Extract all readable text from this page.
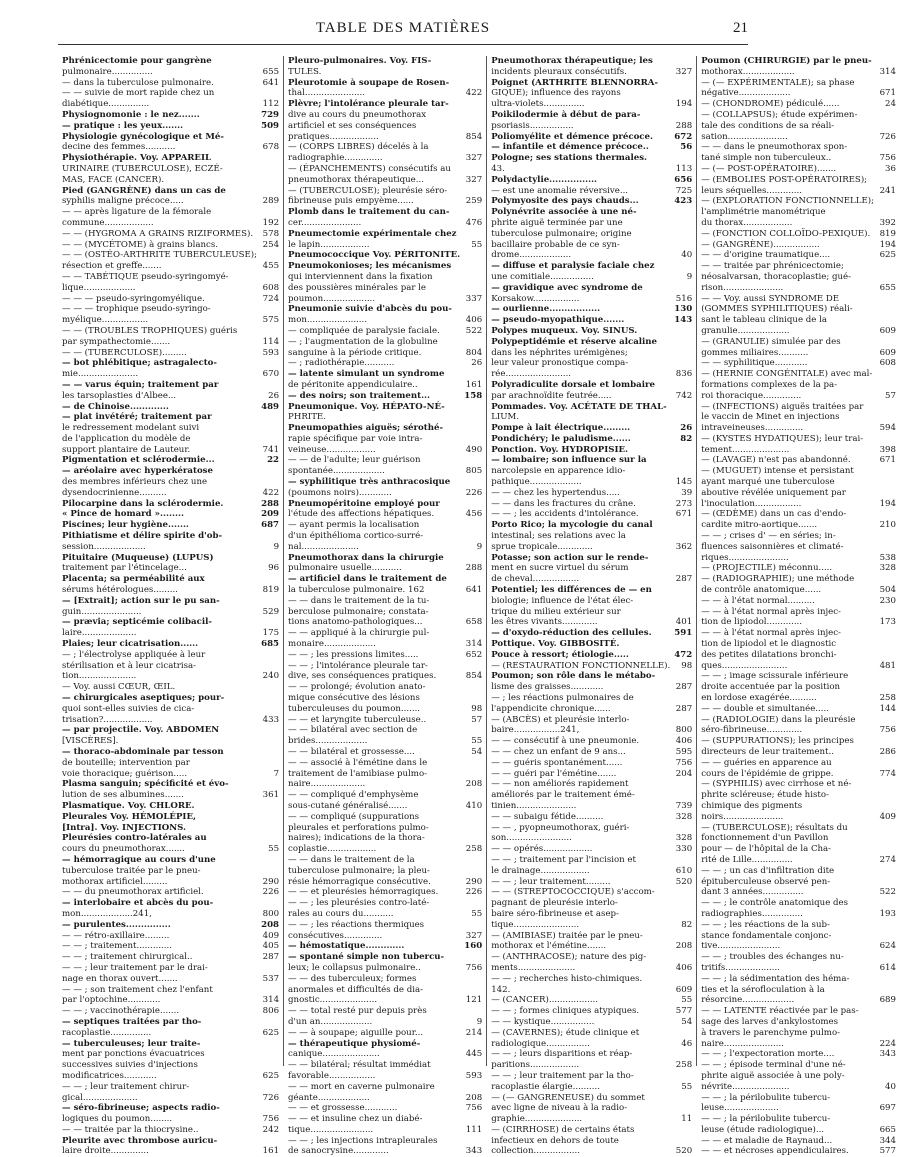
TABLE DES MATIÈRES	21
Phrénicectomie pour gangrène
pulmonaire...............	655
— dans la tuberculose pulmonaire.	641
— — suivie de mort rapide chez un
diabétique...............	112
Physiognomonie : le nez.......	729
— pratique : les yeux.......	509
Physiologie gynécologique et Mé-
decine des femmes...........	678
Physiothérapie. Voy. APPAREIL
URINAIRE (TUBERCULOSE), ECZÉ-
MAS, FACE (CANCER).
Pied (GANGRÈNE) dans un cas de
syphilis maligne précoce.....	289
— — après ligature de la fémorale
commune..................	192
— — (HYGROMA A GRAINS RIZIFORMES).	578
— — (MYCÉTOME) à grains blancs.	254
— — (OSTÉO-ARTHRITE TUBERCULEUSE);
résection et greffe.......	455
— — TABÉTIQUE pseudo-syringomyé-
lique...................	608
— — — pseudo-syringomyélique.	724
— — — trophique pseudo-syringo-
myélique.................	575
— — (TROUBLES TROPHIQUES) guéris
par sympathectomie.......	114
— — (TUBERCULOSE).........	593
— bot phlébitique; astragalecto-
mie......................	670
— — varus équin; traitement par
les tarsoplasties d'Albee...	26
— de Chinoise.............	489
— plat invétéré; traitement par
le redressement modelant suivi
de l'application du modèle de
support plantaire de Lauteur.	741
Pigmentation et sclérodermie...	22
— aréolaire avec hyperkératose
des membres inférieurs chez une
dysendocrinienne..........	422
Pilocarpine dans la sclérodermie.	288
« Pince de homard »........	209
Piscines; leur hygiène.......	687
Pithiatisme et délire spirite d'ob-
session...................	9
Pituitaire (Muqueuse) (LUPUS)
traitement par l'étincelage...	96
Placenta; sa perméabilité aux
sérums hétérologues.........	819
— [Extrait]; action sur le pu san-
guin......................	529
— prævia; septicémie colibacil-
laire....................	175
Plaies; leur cicatrisation......	685
— ; l'électrolyse appliquée à leur
stérilisation et à leur cicatrisa-
tion.....................	240
— Voy. aussi CŒUR, ŒIL.
— chirurgicales aseptiques; pour-
quoi sont-elles suivies de cica-
trisation?..................	433
— par projectile. Voy. ABDOMEN
[VISCÈRES].
— thoraco-abdominale par tesson
de bouteille; intervention par
voie thoracique; guérison.....	7
Plasma sanguin; spécificité et évo-
lution de ses albumines.......	361
Plasmatique. Voy. CHLORE.
Pleurales Voy. HÉMOLÉPIE,
[Intra]. Voy. INJECTIONS.
Pleurésies contro-latérales au
cours du pneumothorax.......	55
— hémorragique au cours d'une
tuberculose traitée par le pneu-
mothorax artificiel.........	290
— — du pneumothorax artificiel.	226
— interlobaire et abcès du pou-
mon...................241,	800
— purulentes...............	208
— — rétro-axillaire.........	409
— — ; traitement.............	405
— — ; traitement chirurgical..	287
— — ; leur traitement par le drai-
nage en thorax ouvert.......	537
— — ; son traitement chez l'enfant
par l'optochine............	314
— — ; vaccinothérapie.......	806
— septiques traitées par tho-
racoplastie...............	625
— tuberculeuses; leur traite-
ment par ponctions évacuatrices
successives suivies d'injections
modificatrices............	625
— — ; leur traitement chirur-
gical....................	726
— séro-fibrineuse; aspects radio-
logiques du poumon........	756
— — traitée par la thiocrysine..	242
Pleurite avec thrombose auricu-
laire droite..............	161
Pleuro-pulmonaires. Voy. FIS-
TULES.
Pleurotomie à soupape de Rosen-
thal......................	422
Plèvre; l'intolérance pleurale tar-
dive au cours du pneumothorax
artificiel et ses conséquences
pratiques..................	854
— (CORPS LIBRES) décelés à la
radiographie..............	327
— (ÉPANCHEMENTS) consécutifs au
pneumothorax thérapeutique...	327
— (TUBERCULOSE); pleurésie séro-
fibrineuse puis empyème......	259
Plomb dans le traitement du can-
cer......................	476
Pneumectomie expérimentale chez
le lapin..................	55
Pneumococcique Voy. PÉRITONITE.
Pneumokonioses; les mécanismes
qui interviennent dans la fixation
des poussières minérales par le
poumon...................	337
Pneumonie suivie d'abcès du pou-
mon......................	406
— compliquée de paralysie faciale.	522
— ; l'augmentation de la globuline
sanguine à la période critique.	804
— ; radiothérapie...........	26
— latente simulant un syndrome
de péritonite appendiculaire..	161
— des noirs; son traitement...	158
Pneumonique. Voy. HÉPATO-NÉ-
PHRITE.
Pneumopathies aiguës; sérothé-
rapie spécifique par voie intra-
veineuse..................	490
— — de l'adulte; leur guérison
spontanée...................	805
— syphilitique très anthracosique
(poumons noirs)............	226
Pneumopéritoine employé pour
l'étude des affections hépatiques.	456
— ayant permis la localisation
d'un épithélioma cortico-surré-
nal.....................	9
Pneumothorax dans la chirurgie
pulmonaire usuelle...........	288
— artificiel dans le traitement de
la tuberculose pulmonaire. 162	641
— — dans le traitement de la tu-
berculose pulmonaire; constata-
tions anatomo-pathologiques...	658
— — appliqué à la chirurgie pul-
monaire...................	314
— — ; les pressions limites.....	652
— — ; l'intolérance pleurale tar-
dive, ses conséquences pratiques.	854
— — prolongé; évolution anato-
mique consécutive des lésions
tuberculeuses du poumon.......	98
— — et laryngite tuberculeuse..	57
— — bilatéral avec section de
brides...................	55
— — bilatéral et grossesse....	54
— — associé à l'émétine dans le
traitement de l'amibiase pulmo-
naire....................	208
— — compliqué d'emphysème
sous-cutané généralisé.......	410
— — compliqué (suppurations
pleurales et perforations pulmo-
naires); indications de la thora-
coplastie..................	258
— — dans le traitement de la
tuberculose pulmonaire; la pleu-
résie hémorragique consécutive.	290
— — et pleurésies hémorragiques.	226
— — ; les pleurésies contro-laté-
rales au cours du...........	55
— — ; les réactions thermiques
consécutives..............	327
— hémostatique.............	160
— spontané simple non tubercu-
leux; le collapsus pulmonaire..	756
— — des tuberculeux; formes
anormales et difficultés de dia-
gnostic.....................	121
— — total resté pur depuis près
d'un an...................	9
— — à soupape; aiguille pour...	214
— thérapeutique physiomé-
canique.....................	445
— — bilatéral; résultat immédiat
favorable.................	593
— — mort en caverne pulmonaire
géante...................	208
— — et grossesse............	756
— — et insuline chez un diabé-
tique.......................	111
— — ; les injections intrapleurales
de sanocrysine.............	343
Pneumothorax thérapeutique; les
incidents pleuraux consécutifs.	327
Poignet (ARTHRITE BLENNORRA-
GIQUE); influence des rayons
ultra-violets...............	194
Poikilodermie à début de para-
psoriasis................	288
Poliomyélite et démence précoce.	672
— infantile et démence précoce..	56
Pologne; ses stations thermales.
43.	113
Polydactylie................	656
— est une anomalie réversive...	725
Polymyosite des pays chauds...	423
Polynévrite associée à une né-
phrite aiguë terminée par une
tuberculose pulmonaire; origine
bacillaire probable de ce syn-
drome...................	40
— diffuse et paralysie faciale chez
une comitiale................	9
— gravidique avec syndrome de
Korsakow.................	516
— ourlienne.................	130
— pseudo-myopathique.......	143
Polypes muqueux. Voy. SINUS.
Polypeptidémie et réserve alcaline
dans les néphrites urémigènes;
leur valeur pronostique compa-
rée........................	836
Polyradiculite dorsale et lombaire
par arachnoïdite feutrée.....	742
Pommades. Voy. ACÉTATE DE THAL-
LIUM.
Pompe à lait électrique.........	26
Pondichéry; le paludisme......	82
Ponction. Voy. HYDROPISIE.
— lombaire; son influence sur la
narcolepsie en apparence idio-
pathique...................	145
— — chez les hypertendus.....	39
— — dans les fractures du crâne.	273
— — ; les accidents d'intolérance.	671
Porto Rico; la mycologie du canal
intestinal; ses relations avec la
sprue tropicale.............	362
Potasse; son action sur le rende-
ment en sucre virtuel du sérum
de cheval.................	287
Potentiel; les différences de — en
biologie; influence de l'état élec-
trique du milieu extérieur sur
les êtres vivants.............	401
— d'oxydo-réduction des cellules.	591
Pottique. Voy. GIBBOSITÉ.
Pouce à ressort; étiologie.....	472
— (RESTAURATION FONCTIONNELLE).	98
Poumon; son rôle dans le métabo-
lisme des graisses............	287
— ; les réactions pulmonaires de
l'appendicite chronique......	287
— (ABCÈS) et pleurésie interlo-
baire.................241,	800
— — consécutif à une pneumonie.	406
— — chez un enfant de 9 ans...	595
— — guéris spontanément......	756
— — guéri par l'émétine.......	204
— — non améliorés rapidement
améliorés par le traitement émé-
tinien......................	739
— — subaigu fétide..........	328
— — , pyopneumothorax, guéri-
son........................	328
— — opérés..................	330
— — ; traitement par l'incision et
le drainage..................	610
— — ; leur traitement.........	520
— — (STREPTOCOCCIQUE) s'accom-
pagnant de pleurésie interlo-
baire séro-fibrineuse et asep-
tique........................	82
— (AMIBIASE) traitée par le pneu-
mothorax et l'émétine.......	208
— (ANTHRACOSE); nature des pig-
ments.....................	406
— — ; recherches histo-chimiques.
142.	609
— (CANCER)..................	55
— — ; formes cliniques atypiques.	577
— — kystique................	54
— (CAVERNES); étude clinique et
radiologique................	46
— — ; leurs disparitions et réap-
paritions..................	258
— — ; leur traitement par la tho-
racoplastie élargie..........	55
— (— GANGRENEUSE) du sommet
avec ligne de niveau à la radio-
graphie.....................	11
— (CIRRHOSE) de certains états
infectieux en dehors de toute
collection.................	520
Poumon (CHIRURGIE) par le pneu-
mothorax...................	314
— (— EXPÉRIMENTALE); sa phase
négative...................	671
— (CHONDROME) pédiculé......	24
— (COLLAPSUS); étude expérimen-
tale des conditions de sa réali-
sation......................	726
— — dans le pneumothorax spon-
tané simple non tuberculeux..	756
— (— POST-OPÉRATOIRE).......	36
— (EMBOLIES POST-OPÉRATOIRES);
leurs séquelles.............	241
— (EXPLORATION FONCTIONNELLE);
l'amplimétrie manométrique
du thorax..................	392
— (FONCTION COLLOÏDO-PEXIQUE).	819
— (GANGRÈNE).................	194
— — d'origine traumatique....	625
— — traitée par phrénicectomie;
néosalvarsan, thoracoplastie; gué-
rison......................	655
— — Voy. aussi SYNDROME DE
(GOMMES SYPHILITIQUES) réali-
sant le tableau clinique de la
granulie...................	609
— (GRANULIE) simulée par des
gommes miliaires...........	609
— — syphilitique............	608
— (HERNIE CONGÉNITALE) avec mal-
formations complexes de la pa-
roi thoracique..............	57
— (INFECTIONS) aiguës traitées par
le vaccin de Minet en injections
intraveineuses..............	594
— (KYSTES HYDATIQUES); leur trai-
tement.....................	398
— (LAVAGE) n'est pas abandonné.	671
— (MUGUET) intense et persistant
ayant marqué une tuberculose
aboutive révélée uniquement par
l'inoculation.................	194
— (ŒDÈME) dans un cas d'endo-
cardite mitro-aortique.......	210
— — ; crises d' — en séries; in-
fluences saisonnières et climaté-
riques......................	538
— (PROJECTILE) méconnu.....	328
— (RADIOGRAPHIE); une méthode
de contrôle anatomique......	504
— — à l'état normal..........	230
— — à l'état normal après injec-
tion de lipiodol.............	173
— — à l'état normal après injec-
tion de lipiodol et le diagnostic
des petites dilatations bronchi-
ques........................	481
— — ; image scissurale inférieure
droite accentuée par la position
en lordose exagérée..........	258
— — double et simultanée.....	144
— (RADIOLOGIE) dans la pleurésie
séro-fibrineuse.............	756
— (SUPPURATIONS); les principes
directeurs de leur traitement..	286
— — guéries en apparence au
cours de l'épidémie de grippe.	774
— (SYPHILIS) avec cirrhose et né-
phrite scléreuse; étude histo-
chimique des pigments
noirs......................	409
— (TUBERCULOSE); résultats du
fonctionnement d'un Pavillon
pour — de l'hôpital de la Cha-
rité de Lille...............	274
— — ; un cas d'infiltration dite
épituberculeuse observé pen-
dant 3 années...............	522
— — ; le contrôle anatomique des
radiographies...............	193
— — ; les réactions de la sub-
stance fondamentale conjonc-
tive.......................	624
— — ; troubles des échanges nu-
tritifs....................	614
— — ; la sédimentation des héma-
ties et la sérofloculation à la
résorcine...................	689
— — LATENTE réactivée par le pas-
sage des larves d'ankylostomes
à travers le parenchyme pulmo-
naire......................	224
— — ; l'expectoration morte....	343
— — ; épisode terminal d'une né-
phrite aiguë associée à une poly-
névrite.....................	40
— — ; la périlobulite tubercu-
leuse....................	697
— — ; la périlobulite tubercu-
leuse (étude radiologique)...	665
— — et maladie de Raynaud...	344
— — et nécroses appendiculaires.	577
